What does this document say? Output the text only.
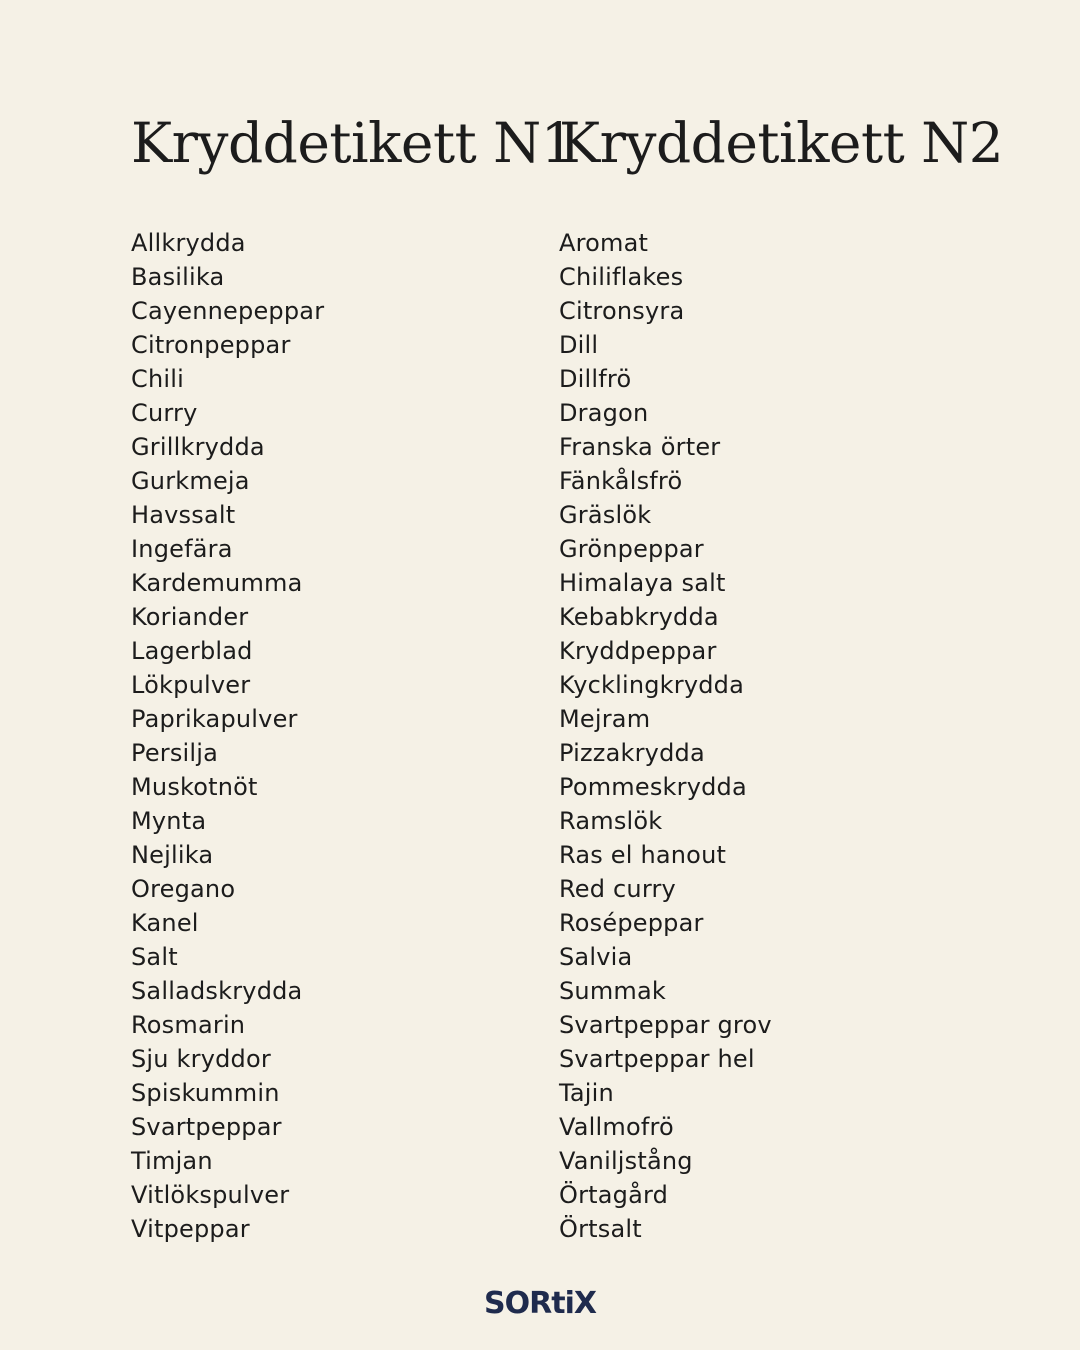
Kryddetikett N1
Allkrydda
Basilika
Cayennepeppar
Citronpeppar
Chili
Curry
Grillkrydda
Gurkmeja
Havssalt
Ingefära
Kardemumma
Koriander
Lagerblad
Lökpulver
Paprikapulver
Persilja
Muskotnöt
Mynta
Nejlika
Oregano
Kanel
Salt
Salladskrydda
Rosmarin
Sju kryddor
Spiskummin
Svartpeppar
Timjan
Vitlökspulver
Vitpeppar
Kryddetikett N2
Aromat
Chiliflakes
Citronsyra
Dill
Dillfrö
Dragon
Franska örter
Fänkålsfrö
Gräslök
Grönpeppar
Himalaya salt
Kebabkrydda
Kryddpeppar
Kycklingkrydda
Mejram
Pizzakrydda
Pommeskrydda
Ramslök
Ras el hanout
Red curry
Rosépeppar
Salvia
Summak
Svartpeppar grov
Svartpeppar hel
Tajin
Vallmofrö
Vaniljstång
Örtagård
Örtsalt
SORtiX
